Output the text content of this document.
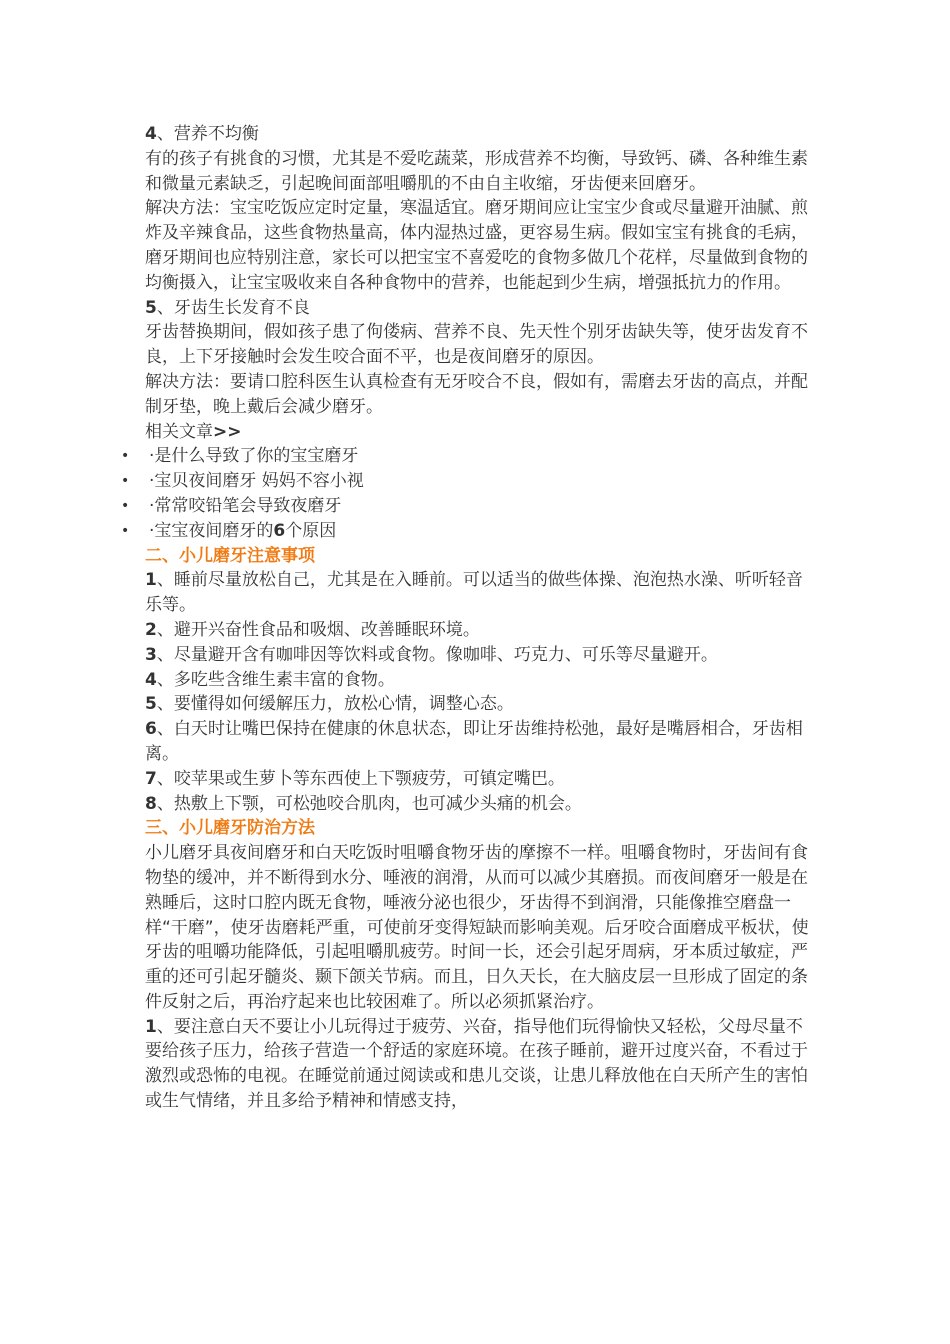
4、营养不均衡

有的孩子有挑食的习惯，尤其是不爱吃蔬菜，形成营养不均衡，导致钙、磷、各种维生素和微量元素缺乏，引起晚间面部咀嚼肌的不由自主收缩，牙齿便来回磨牙。

解决方法：宝宝吃饭应定时定量，寒温适宜。磨牙期间应让宝宝少食或尽量避开油腻、煎炸及辛辣食品，这些食物热量高，体内湿热过盛，更容易生病。假如宝宝有挑食的毛病，磨牙期间也应特别注意，家长可以把宝宝不喜爱吃的食物多做几个花样，尽量做到食物的均衡摄入，让宝宝吸收来自各种食物中的营养，也能起到少生病，增强抵抗力的作用。

5、牙齿生长发育不良

牙齿替换期间，假如孩子患了佝偻病、营养不良、先天性个别牙齿缺失等，使牙齿发育不良，上下牙接触时会发生咬合面不平，也是夜间磨牙的原因。

解决方法：要请口腔科医生认真检查有无牙咬合不良，假如有，需磨去牙齿的高点，并配制牙垫，晚上戴后会减少磨牙。

相关文章>>

• ·是什么导致了你的宝宝磨牙
• ·宝贝夜间磨牙 妈妈不容小视
• ·常常咬铅笔会导致夜磨牙
• ·宝宝夜间磨牙的6个原因

二、小儿磨牙注意事项

1、睡前尽量放松自己，尤其是在入睡前。可以适当的做些体操、泡泡热水澡、听听轻音乐等。

2、避开兴奋性食品和吸烟、改善睡眠环境。

3、尽量避开含有咖啡因等饮料或食物。像咖啡、巧克力、可乐等尽量避开。

4、多吃些含维生素丰富的食物。

5、要懂得如何缓解压力，放松心情，调整心态。

6、白天时让嘴巴保持在健康的休息状态，即让牙齿维持松弛，最好是嘴唇相合，牙齿相离。

7、咬苹果或生萝卜等东西使上下颚疲劳，可镇定嘴巴。

8、热敷上下颚，可松弛咬合肌肉，也可减少头痛的机会。

三、小儿磨牙防治方法

小儿磨牙具夜间磨牙和白天吃饭时咀嚼食物牙齿的摩擦不一样。咀嚼食物时，牙齿间有食物垫的缓冲，并不断得到水分、唾液的润滑，从而可以减少其磨损。而夜间磨牙一般是在熟睡后，这时口腔内既无食物，唾液分泌也很少，牙齿得不到润滑，只能像推空磨盘一样“干磨”，使牙齿磨耗严重，可使前牙变得短缺而影响美观。后牙咬合面磨成平板状，使牙齿的咀嚼功能降低，引起咀嚼肌疲劳。时间一长，还会引起牙周病，牙本质过敏症，严重的还可引起牙髓炎、颞下颌关节病。而且，日久天长，在大脑皮层一旦形成了固定的条件反射之后，再治疗起来也比较困难了。所以必须抓紧治疗。

1、要注意白天不要让小儿玩得过于疲劳、兴奋，指导他们玩得愉快又轻松，父母尽量不要给孩子压力，给孩子营造一个舒适的家庭环境。在孩子睡前，避开过度兴奋，不看过于激烈或恐怖的电视。在睡觉前通过阅读或和患儿交谈，让患儿释放他在白天所产生的害怕或生气情绪，并且多给予精神和情感支持，
